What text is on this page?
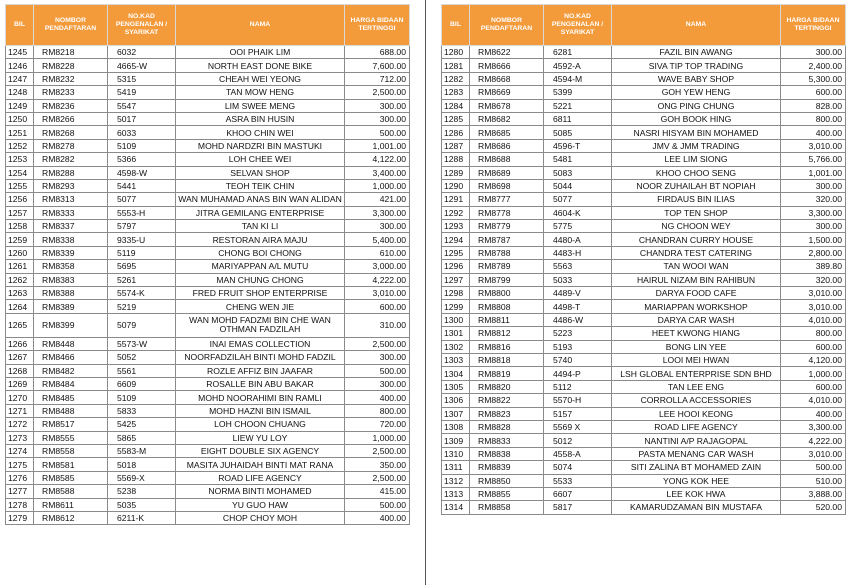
BIL	NOMBOR PENDAFTARAN	NO.KAD PENGENALAN / SYARIKAT	NAMA	HARGA BIDAAN TERTINGGI
1245	RM8218	6032	OOI PHAIK LIM	688.00
1246	RM8228	4665-W	NORTH EAST DONE BIKE	7,600.00
1247	RM8232	5315	CHEAH WEI YEONG	712.00
1248	RM8233	5419	TAN MOW HENG	2,500.00
1249	RM8236	5547	LIM SWEE MENG	300.00
1250	RM8266	5017	ASRA BIN HUSIN	300.00
1251	RM8268	6033	KHOO CHIN WEI	500.00
1252	RM8278	5109	MOHD NARDZRI BIN MASTUKI	1,001.00
1253	RM8282	5366	LOH CHEE WEI	4,122.00
1254	RM8288	4598-W	SELVAN SHOP	3,400.00
1255	RM8293	5441	TEOH TEIK CHIN	1,000.00
1256	RM8313	5077	WAN MUHAMAD ANAS BIN WAN ALIDAN	421.00
1257	RM8333	5553-H	JITRA GEMILANG ENTERPRISE	3,300.00
1258	RM8337	5797	TAN KI LI	300.00
1259	RM8338	9335-U	RESTORAN AIRA MAJU	5,400.00
1260	RM8339	5119	CHONG BOI CHONG	610.00
1261	RM8358	5695	MARIYAPPAN A/L MUTU	3,000.00
1262	RM8383	5261	MAN CHUNG CHONG	4,222.00
1263	RM8388	5574-K	FRED FRUIT SHOP ENTERPRISE	3,010.00
1264	RM8389	5219	CHENG WEN JIE	600.00
1265	RM8399	5079	WAN MOHD FADZMI BIN CHE WAN OTHMAN FADZILAH	310.00
1266	RM8448	5573-W	INAI EMAS COLLECTION	2,500.00
1267	RM8466	5052	NOORFADZILAH BINTI MOHD FADZIL	300.00
1268	RM8482	5561	ROZLE AFFIZ BIN JAAFAR	500.00
1269	RM8484	6609	ROSALLE BIN ABU BAKAR	300.00
1270	RM8485	5109	MOHD NOORAHIMI BIN RAMLI	400.00
1271	RM8488	5833	MOHD HAZNI BIN ISMAIL	800.00
1272	RM8517	5425	LOH CHOON CHUANG	720.00
1273	RM8555	5865	LIEW YU LOY	1,000.00
1274	RM8558	5583-M	EIGHT DOUBLE SIX AGENCY	2,500.00
1275	RM8581	5018	MASITA JUHAIDAH BINTI MAT RANA	350.00
1276	RM8585	5569-X	ROAD LIFE AGENCY	2,500.00
1277	RM8588	5238	NORMA BINTI MOHAMED	415.00
1278	RM8611	5035	YU GUO HAW	500.00
1279	RM8612	6211-K	CHOP CHOY MOH	400.00
BIL	NOMBOR PENDAFTARAN	NO.KAD PENGENALAN / SYARIKAT	NAMA	HARGA BIDAAN TERTINGGI
1280	RM8622	6281	FAZIL BIN AWANG	300.00
1281	RM8666	4592-A	SIVA TIP TOP TRADING	2,400.00
1282	RM8668	4594-M	WAVE BABY SHOP	5,300.00
1283	RM8669	5399	GOH YEW HENG	600.00
1284	RM8678	5221	ONG PING CHUNG	828.00
1285	RM8682	6811	GOH BOOK HING	800.00
1286	RM8685	5085	NASRI HISYAM BIN MOHAMED	400.00
1287	RM8686	4596-T	JMV & JMM TRADING	3,010.00
1288	RM8688	5481	LEE LIM SIONG	5,766.00
1289	RM8689	5083	KHOO CHOO SENG	1,001.00
1290	RM8698	5044	NOOR ZUHAILAH BT NOPIAH	300.00
1291	RM8777	5077	FIRDAUS BIN ILIAS	320.00
1292	RM8778	4604-K	TOP TEN SHOP	3,300.00
1293	RM8779	5775	NG CHOON WEY	300.00
1294	RM8787	4480-A	CHANDRAN CURRY HOUSE	1,500.00
1295	RM8788	4483-H	CHANDRA TEST CATERING	2,800.00
1296	RM8789	5563	TAN WOOI WAN	389.80
1297	RM8799	5033	HAIRUL NIZAM BIN RAHIBUN	320.00
1298	RM8800	4489-V	DARYA FOOD CAFE	3,010.00
1299	RM8808	4498-T	MARIAPPAN WORKSHOP	3,010.00
1300	RM8811	4486-W	DARYA CAR WASH	4,010.00
1301	RM8812	5223	HEET KWONG HIANG	800.00
1302	RM8816	5193	BONG LIN YEE	600.00
1303	RM8818	5740	LOOI MEI HWAN	4,120.00
1304	RM8819	4494-P	LSH GLOBAL ENTERPRISE SDN BHD	1,000.00
1305	RM8820	5112	TAN LEE ENG	600.00
1306	RM8822	5570-H	CORROLLA ACCESSORIES	4,010.00
1307	RM8823	5157	LEE HOOI KEONG	400.00
1308	RM8828	5569 X	ROAD LIFE AGENCY	3,300.00
1309	RM8833	5012	NANTINI A/P RAJAGOPAL	4,222.00
1310	RM8838	4558-A	PASTA MENANG CAR WASH	3,010.00
1311	RM8839	5074	SITI ZALINA BT MOHAMED ZAIN	500.00
1312	RM8850	5533	YONG KOK HEE	510.00
1313	RM8855	6607	LEE KOK HWA	3,888.00
1314	RM8858	5817	KAMARUDZAMAN BIN MUSTAFA	520.00
